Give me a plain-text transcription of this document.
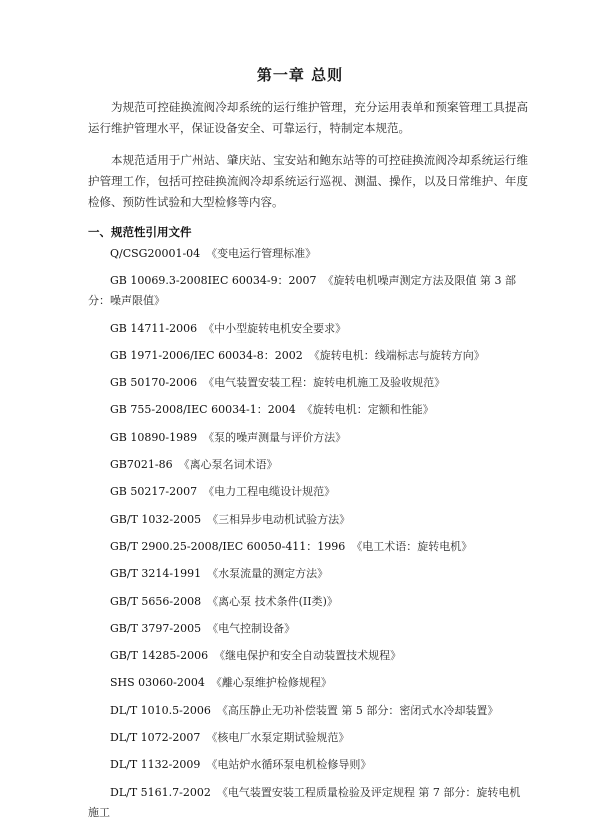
第一章 总则
为规范可控硅换流阀冷却系统的运行维护管理，充分运用表单和预案管理工具提高运行维护管理水平，保证设备安全、可靠运行，特制定本规范。
本规范适用于广州站、肇庆站、宝安站和鲍东站等的可控硅换流阀冷却系统运行维护管理工作，包括可控硅换流阀冷却系统运行巡视、测温、操作，以及日常维护、年度检修、预防性试验和大型检修等内容。
一、规范性引用文件
Q/CSG20001-04 《变电运行管理标准》
GB 10069.3-2008IEC 60034-9：2007 《旋转电机噪声测定方法及限值 第 3 部分：噪声限值》
GB 14711-2006 《中小型旋转电机安全要求》
GB 1971-2006/IEC 60034-8：2002 《旋转电机：线端标志与旋转方向》
GB 50170-2006 《电气装置安装工程：旋转电机施工及验收规范》
GB 755-2008/IEC 60034-1：2004 《旋转电机：定额和性能》
GB 10890-1989 《泵的噪声测量与评价方法》
GB7021-86 《离心泵名词术语》
GB 50217-2007 《电力工程电缆设计规范》
GB/T 1032-2005 《三相异步电动机试验方法》
GB/T 2900.25-2008/IEC 60050-411：1996 《电工术语：旋转电机》
GB/T 3214-1991 《水泵流量的测定方法》
GB/T 5656-2008 《离心泵 技术条件(II类)》
GB/T 3797-2005 《电气控制设备》
GB/T 14285-2006 《继电保护和安全自动装置技术规程》
SHS 03060-2004 《離心泵维护检修规程》
DL/T 1010.5-2006 《高压静止无功补偿装置 第 5 部分：密闭式水冷却装置》
DL/T 1072-2007 《核电厂水泵定期试验规范》
DL/T 1132-2009 《电站炉水循环泵电机检修导则》
DL/T 5161.7-2002 《电气装置安装工程质量检验及评定规程 第 7 部分：旋转电机施工
